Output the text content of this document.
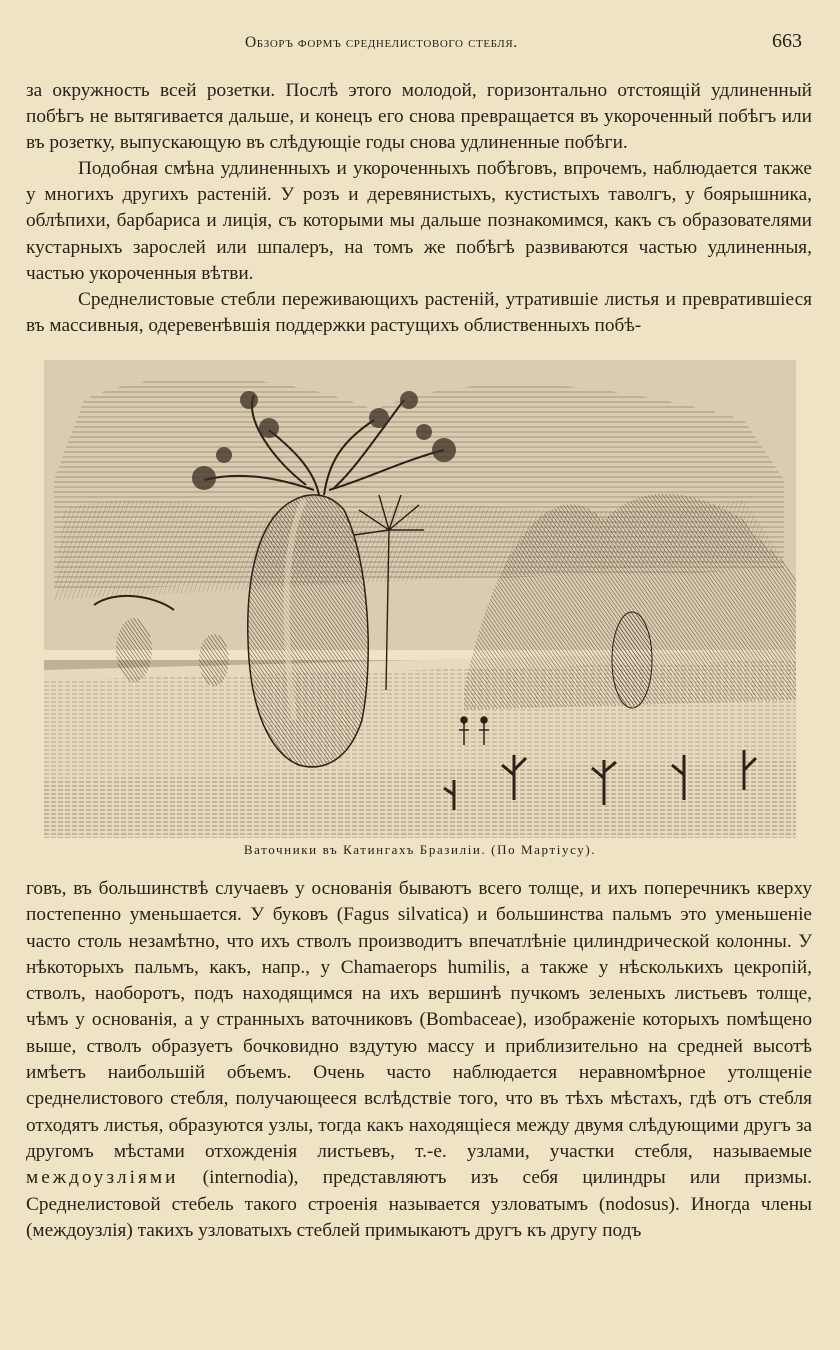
Обзоръ формъ среднелистового стебля.	663

за окружность всей розетки. Послѣ этого молодой, горизонтально отстоящій удлиненный побѣгъ не вытягивается дальше, и конецъ его снова превращается въ укороченный побѣгъ или въ розетку, выпускающую въ слѣдующіе годы снова удлиненные побѣги.

Подобная смѣна удлиненныхъ и укороченныхъ побѣговъ, впрочемъ, наблюдается также у многихъ другихъ растеній. У розъ и деревянистыхъ, кустистыхъ таволгъ, у боярышника, облѣпихи, барбариса и лиція, съ которыми мы дальше познакомимся, какъ съ образователями кустарныхъ зарослей или шпалеръ, на томъ же побѣгѣ развиваются частью удлиненныя, частью укороченныя вѣтви.

Среднелистовые стебли переживающихъ растеній, утратившіе листья и превратившіеся въ массивныя, одеревенѣвшія поддержки растущихъ облиственныхъ побѣ-

Ваточники въ Катингахъ Бразиліи. (По Мартіусу).

говъ, въ большинствѣ случаевъ у основанія бываютъ всего толще, и ихъ поперечникъ кверху постепенно уменьшается. У буковъ (Fagus silvatica) и большинства пальмъ это уменьшеніе часто столь незамѣтно, что ихъ стволъ производитъ впечатлѣніе цилиндрической колонны. У нѣкоторыхъ пальмъ, какъ, напр., у Chamaerops humilis, а также у нѣсколькихъ цекропій, стволъ, наоборотъ, подъ находящимся на ихъ вершинѣ пучкомъ зеленыхъ листьевъ толще, чѣмъ у основанія, а у странныхъ ваточниковъ (Bombaceae), изображеніе которыхъ помѣщено выше, стволъ образуетъ бочковидно вздутую массу и приблизительно на средней высотѣ имѣетъ наибольшій объемъ. Очень часто наблюдается неравномѣрное утолщеніе среднелистового стебля, получающееся вслѣдствіе того, что въ тѣхъ мѣстахъ, гдѣ отъ стебля отходятъ листья, образуются узлы, тогда какъ находящіеся между двумя слѣдующими другъ за другомъ мѣстами отхожденія листьевъ, т.-е. узлами, участки стебля, называемые междоузліями (internodia), представляютъ изъ себя цилиндры или призмы. Среднелистовой стебель такого строенія называется узловатымъ (nodosus). Иногда члены (междоузлія) такихъ узловатыхъ стеблей примыкаютъ другъ къ другу подъ
